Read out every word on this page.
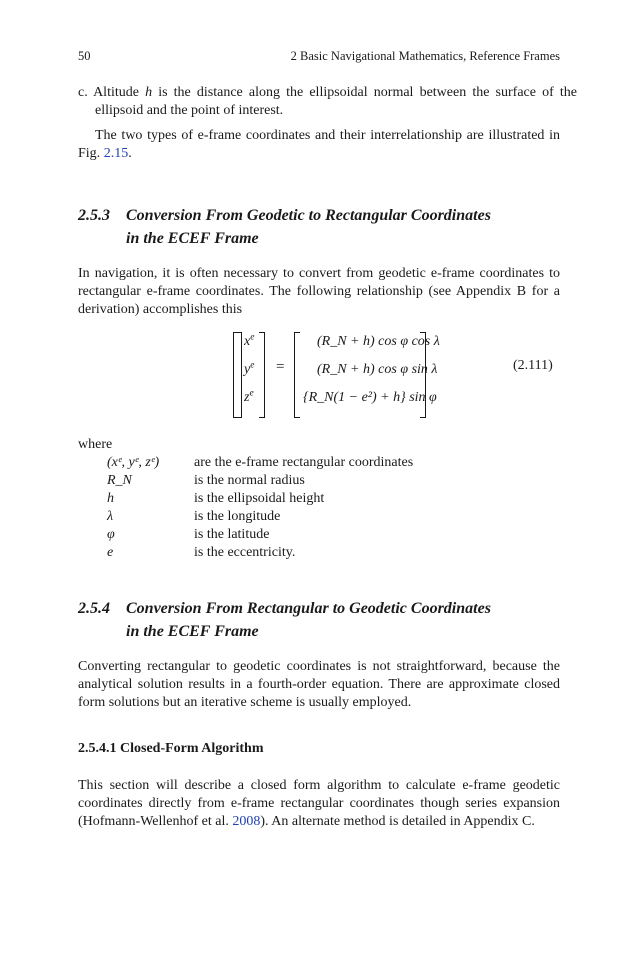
50	2 Basic Navigational Mathematics, Reference Frames
c. Altitude h is the distance along the ellipsoidal normal between the surface of the ellipsoid and the point of interest.
The two types of e-frame coordinates and their interrelationship are illustrated in Fig. 2.15.
2.5.3 Conversion From Geodetic to Rectangular Coordinates
in the ECEF Frame
In navigation, it is often necessary to convert from geodetic e-frame coordinates to rectangular e-frame coordinates. The following relationship (see Appendix B for a derivation) accomplishes this
$x^e$
$y^e$
$z^e$
=
(R_N + h) cos φ cos λ
(R_N + h) cos φ sin λ
{R_N(1 − e²) + h} sin φ
(2.111)
where
(xᵉ, yᵉ, zᵉ) are the e-frame rectangular coordinates
R_N	is the normal radius
h	is the ellipsoidal height
λ	is the longitude
φ	is the latitude
e	is the eccentricity.
2.5.4 Conversion From Rectangular to Geodetic Coordinates
in the ECEF Frame
Converting rectangular to geodetic coordinates is not straightforward, because the analytical solution results in a fourth-order equation. There are approximate closed form solutions but an iterative scheme is usually employed.
2.5.4.1 Closed-Form Algorithm
This section will describe a closed form algorithm to calculate e-frame geodetic coordinates directly from e-frame rectangular coordinates though series expansion (Hofmann-Wellenhof et al. 2008). An alternate method is detailed in Appendix C.
